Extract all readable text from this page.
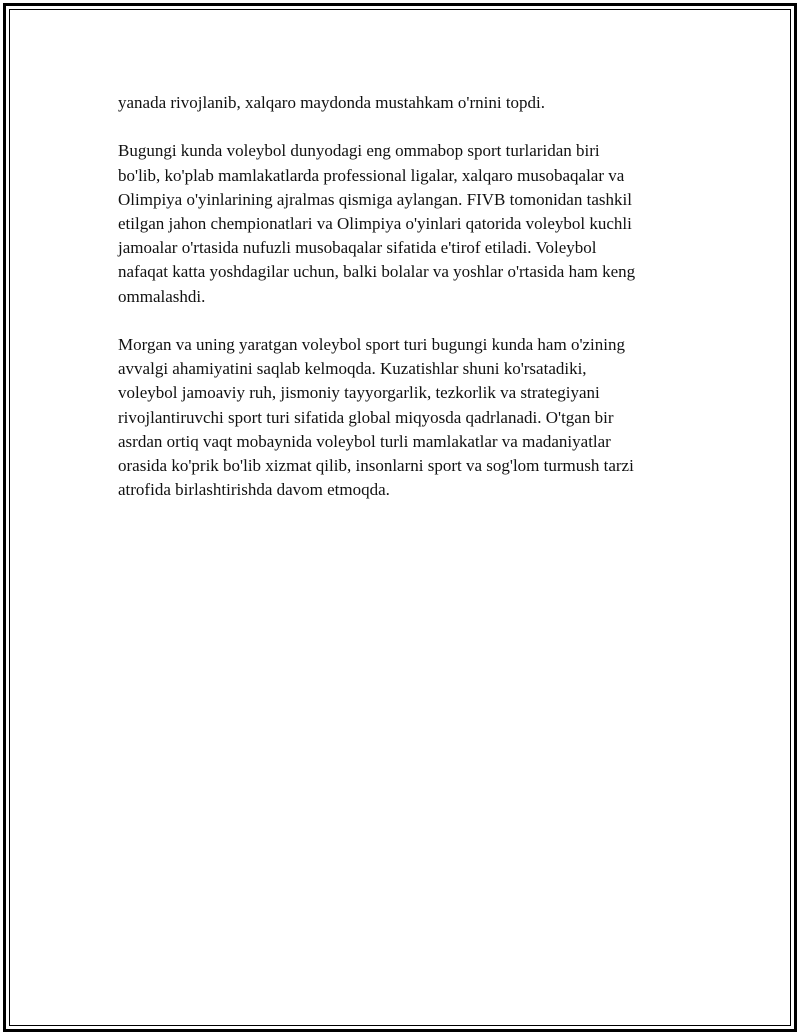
yanada rivojlanib, xalqaro maydonda mustahkam o'rnini topdi.

Bugungi kunda voleybol dunyodagi eng ommabop sport turlaridan biri
bo'lib, ko'plab mamlakatlarda professional ligalar, xalqaro musobaqalar va
Olimpiya o'yinlarining ajralmas qismiga aylangan. FIVB tomonidan tashkil
etilgan jahon chempionatlari va Olimpiya o'yinlari qatorida voleybol kuchli
jamoalar o'rtasida nufuzli musobaqalar sifatida e'tirof etiladi. Voleybol
nafaqat katta yoshdagilar uchun, balki bolalar va yoshlar o'rtasida ham keng
ommalashdi.

Morgan va uning yaratgan voleybol sport turi bugungi kunda ham o'zining
avvalgi ahamiyatini saqlab kelmoqda. Kuzatishlar shuni ko'rsatadiki,
voleybol jamoaviy ruh, jismoniy tayyorgarlik, tezkorlik va strategiyani
rivojlantiruvchi sport turi sifatida global miqyosda qadrlanadi. O'tgan bir
asrdan ortiq vaqt mobaynida voleybol turli mamlakatlar va madaniyatlar
orasida ko'prik bo'lib xizmat qilib, insonlarni sport va sog'lom turmush tarzi
atrofida birlashtirishda davom etmoqda.
